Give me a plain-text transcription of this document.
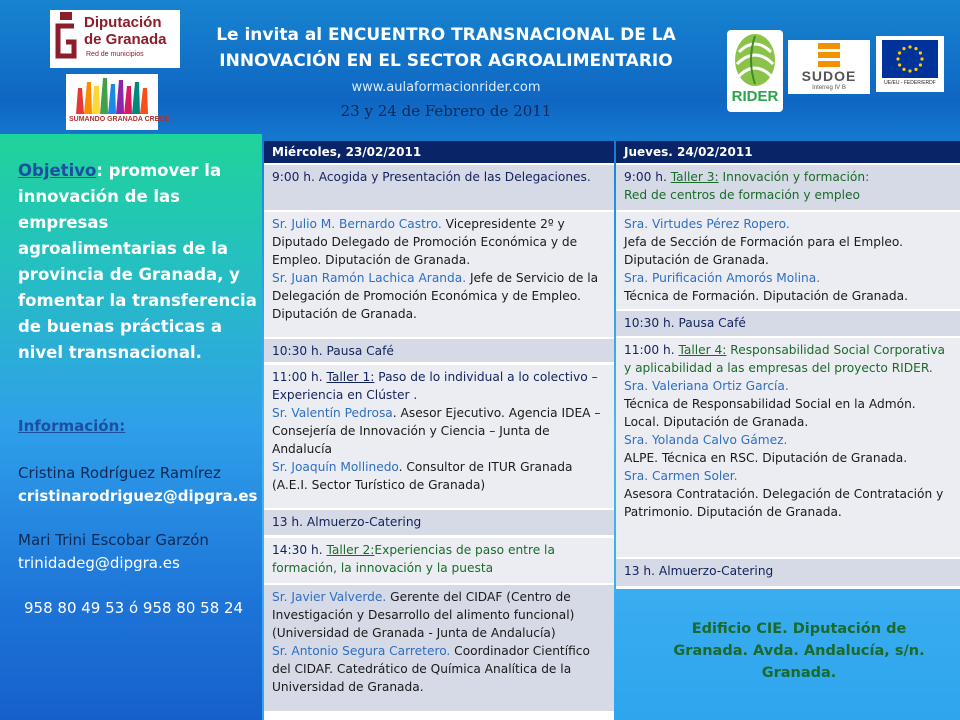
Diputación
de Granada
Red de municipios
SUMANDO GRANADA CRECE
Le invita al ENCUENTRO TRANSNACIONAL DE LA
INNOVACIÓN EN EL SECTOR AGROALIMENTARIO
www.aulaformacionrider.com
23 y 24 de Febrero de 2011
RIDER
SUDOE
Interreg IV B
UE/EU - FEDER/ERDF
Objetivo: promover la innovación de las empresas agroalimentarias de la provincia de Granada, y fomentar la transferencia de buenas prácticas a nivel transnacional.
Información:
Cristina Rodríguez Ramírez
cristinarodriguez@dipgra.es
Mari Trini Escobar Garzón
trinidadeg@dipgra.es
958 80 49 53 ó 958 80 58 24
Miércoles, 23/02/2011
9:00 h. Acogida y Presentación de las Delegaciones.
Sr. Julio M. Bernardo Castro. Vicepresidente 2º y Diputado Delegado de Promoción Económica y de Empleo. Diputación de Granada.
Sr. Juan Ramón Lachica Aranda. Jefe de Servicio de la Delegación de Promoción Económica y de Empleo. Diputación de Granada.
10:30 h. Pausa Café
11:00 h. Taller 1: Paso de lo individual a lo colectivo – Experiencia en Clúster .
Sr. Valentín Pedrosa. Asesor Ejecutivo. Agencia IDEA – Consejería de Innovación y Ciencia – Junta de Andalucía
Sr. Joaquín Mollinedo. Consultor de ITUR Granada (A.E.I. Sector Turístico de Granada)
13 h. Almuerzo-Catering
14:30 h. Taller 2:Experiencias de paso entre la formación, la innovación y la puesta
Sr. Javier Valverde. Gerente del CIDAF (Centro de Investigación y Desarrollo del alimento funcional) (Universidad de Granada - Junta de Andalucía)
Sr. Antonio Segura Carretero. Coordinador Científico del CIDAF. Catedrático de Química Analítica de la Universidad de Granada.
Jueves. 24/02/2011
9:00 h. Taller 3: Innovación y formación:
Red de centros de formación y empleo
Sra. Virtudes Pérez Ropero.
Jefa de Sección de Formación para el Empleo. Diputación de Granada.
Sra. Purificación Amorós Molina.
Técnica de Formación. Diputación de Granada.
10:30 h. Pausa Café
11:00 h. Taller 4: Responsabilidad Social Corporativa y aplicabilidad a las empresas del proyecto RIDER.
Sra. Valeriana Ortiz García.
Técnica de Responsabilidad Social en la Admón. Local. Diputación de Granada.
Sra. Yolanda Calvo Gámez.
ALPE. Técnica en RSC. Diputación de Granada.
Sra. Carmen Soler.
Asesora Contratación. Delegación de Contratación y Patrimonio. Diputación de Granada.
13 h. Almuerzo-Catering
Edificio CIE. Diputación de
Granada. Avda. Andalucía, s/n.
Granada.
